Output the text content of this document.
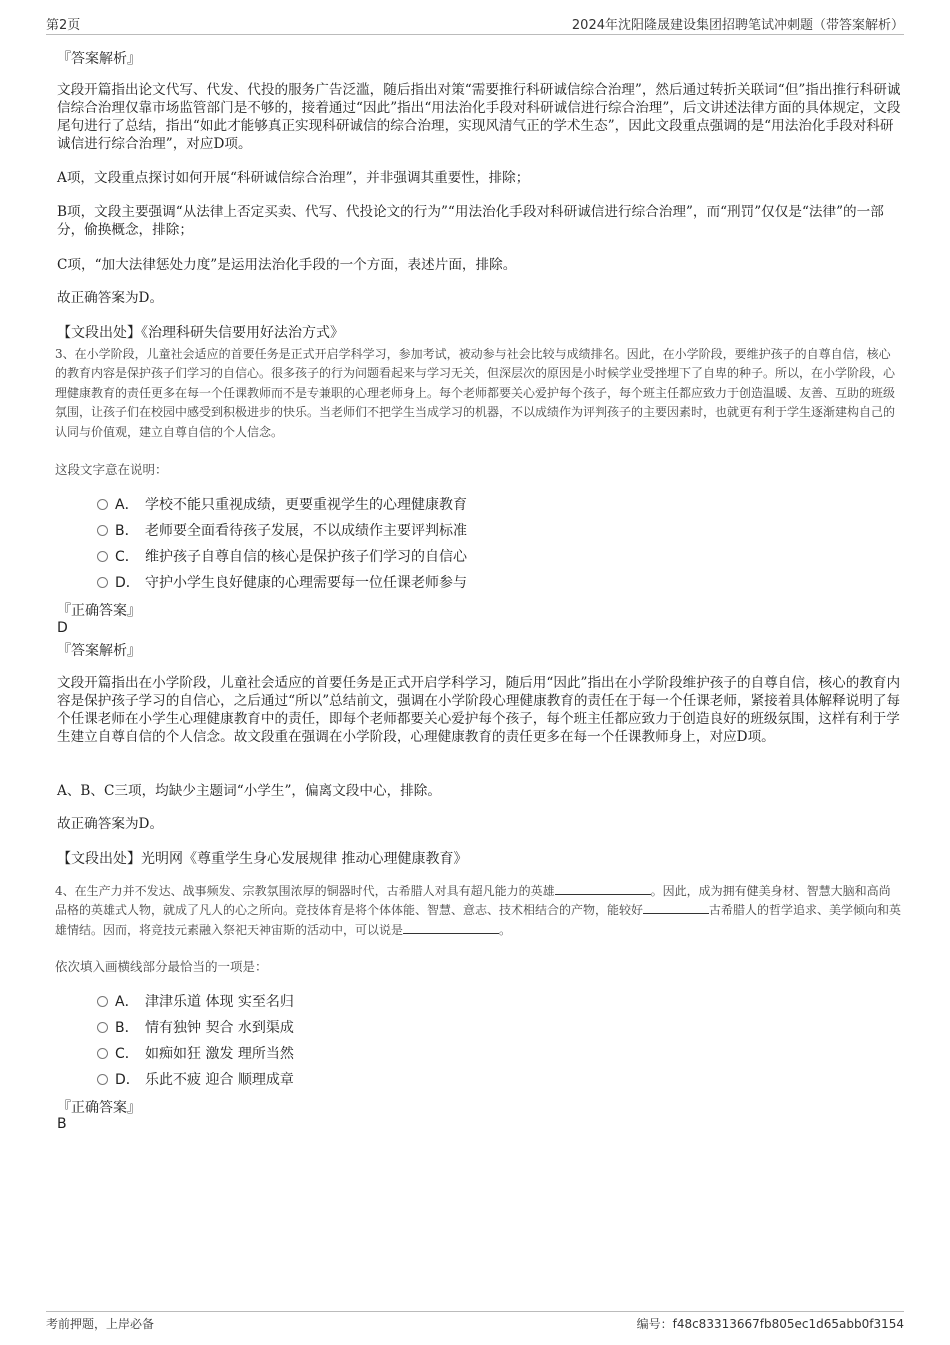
第2页	2024年沈阳隆晟建设集团招聘笔试冲刺题（带答案解析）
『答案解析』

文段开篇指出论文代写、代发、代投的服务广告泛滥，随后指出对策“需要推行科研诚信综合治理”，然后通过转折关联词“但”指出推行科研诚信综合治理仅靠市场监管部门是不够的，接着通过“因此”指出“用法治化手段对科研诚信进行综合治理”，后文讲述法律方面的具体规定，文段尾句进行了总结，指出“如此才能够真正实现科研诚信的综合治理，实现风清气正的学术生态”，因此文段重点强调的是“用法治化手段对科研诚信进行综合治理”，对应D项。

A项，文段重点探讨如何开展“科研诚信综合治理”，并非强调其重要性，排除；

B项，文段主要强调“从法律上否定买卖、代写、代投论文的行为”“用法治化手段对科研诚信进行综合治理”，而“刑罚”仅仅是“法律”的一部分，偷换概念，排除；

C项，“加大法律惩处力度”是运用法治化手段的一个方面，表述片面，排除。

故正确答案为D。

【文段出处】《治理科研失信要用好法治方式》

3、在小学阶段，儿童社会适应的首要任务是正式开启学科学习，参加考试，被动参与社会比较与成绩排名。因此，在小学阶段，要维护孩子的自尊自信，核心的教育内容是保护孩子们学习的自信心。很多孩子的行为问题看起来与学习无关，但深层次的原因是小时候学业受挫埋下了自卑的种子。所以，在小学阶段，心理健康教育的责任更多在每一个任课教师而不是专兼职的心理老师身上。每个老师都要关心爱护每个孩子，每个班主任都应致力于创造温暖、友善、互助的班级氛围，让孩子们在校园中感受到积极进步的快乐。当老师们不把学生当成学习的机器，不以成绩作为评判孩子的主要因素时，也就更有利于学生逐渐建构自己的认同与价值观，建立自尊自信的个人信念。

这段文字意在说明：

A． 学校不能只重视成绩，更要重视学生的心理健康教育
B． 老师要全面看待孩子发展，不以成绩作主要评判标准
C． 维护孩子自尊自信的核心是保护孩子们学习的自信心
D． 守护小学生良好健康的心理需要每一位任课老师参与
『正确答案』
D
『答案解析』

文段开篇指出在小学阶段，儿童社会适应的首要任务是正式开启学科学习，随后用“因此”指出在小学阶段维护孩子的自尊自信，核心的教育内容是保护孩子学习的自信心，之后通过“所以”总结前文，强调在小学阶段心理健康教育的责任在于每一个任课老师，紧接着具体解释说明了每个任课老师在小学生心理健康教育中的责任，即每个老师都要关心爱护每个孩子，每个班主任都应致力于创造良好的班级氛围，这样有利于学生建立自尊自信的个人信念。故文段重在强调在小学阶段，心理健康教育的责任更多在每一个任课教师身上，对应D项。

A、B、C三项，均缺少主题词“小学生”，偏离文段中心，排除。

故正确答案为D。

【文段出处】光明网《尊重学生身心发展规律 推动心理健康教育》

4、在生产力并不发达、战事频发、宗教氛围浓厚的铜器时代，古希腊人对具有超凡能力的英雄	。因此，成为拥有健美身材、智慧大脑和高尚品格的英雄式人物，就成了凡人的心之所向。竞技体育是将个体体能、智慧、意志、技术相结合的产物，能较好	古希腊人的哲学追求、美学倾向和英雄情结。因而，将竞技元素融入祭祀天神宙斯的活动中，可以说是	。

依次填入画横线部分最恰当的一项是：

A． 津津乐道 体现 实至名归
B． 情有独钟 契合 水到渠成
C． 如痴如狂 激发 理所当然
D． 乐此不疲 迎合 顺理成章
『正确答案』
B
考前押题，上岸必备	编号：f48c83313667fb805ec1d65abb0f3154
